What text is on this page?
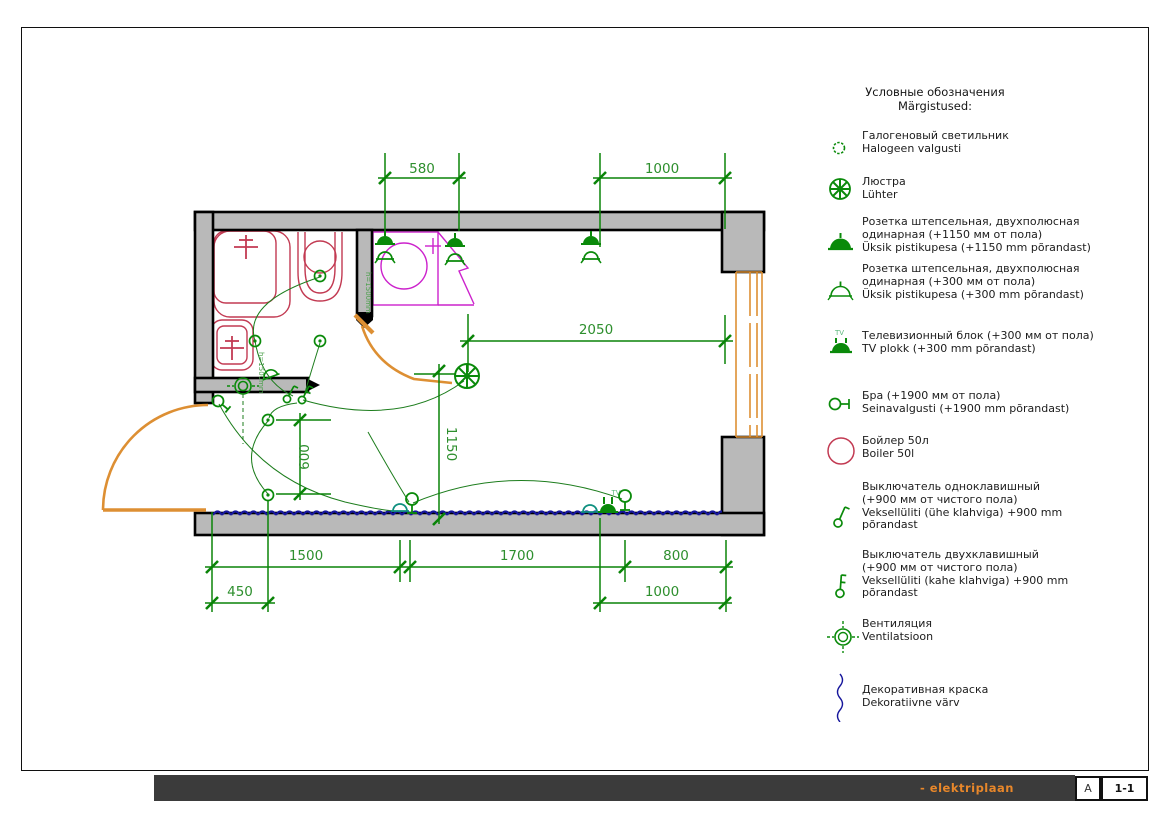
TV
h=1500mm
h=1500mm
580	1000
2050
1150
600
1500	1700	800
450	1000
Условные обозначения
Märgistused:
Галогеновый светильник
Halogeen valgusti
Люстра
Lühter
Розетка штепсельная, двухполюсная
одинарная (+1150 мм от пола)
Üksik pistikupesa (+1150 mm põrandast)
Розетка штепсельная, двухполюсная
одинарная (+300 мм от пола)
Üksik pistikupesa (+300 mm põrandast)
TV Телевизионный блок (+300 мм от пола)
TV plokk (+300 mm põrandast)
Бра (+1900 мм от пола)
Seinavalgusti (+1900 mm põrandast)
Бойлер 50л
Boiler 50l
Выключатель одноклавишный
(+900 мм от чистого пола)
Veksellüliti (ühe klahviga) +900 mm
põrandast
Выключатель двухклавишный
(+900 мм от чистого пола)
Veksellüliti (kahe klahviga) +900 mm
põrandast
Вентиляция
Ventilatsioon
Декоративная краска
Dekoratiivne värv
- elektriplaan	A	1-1
